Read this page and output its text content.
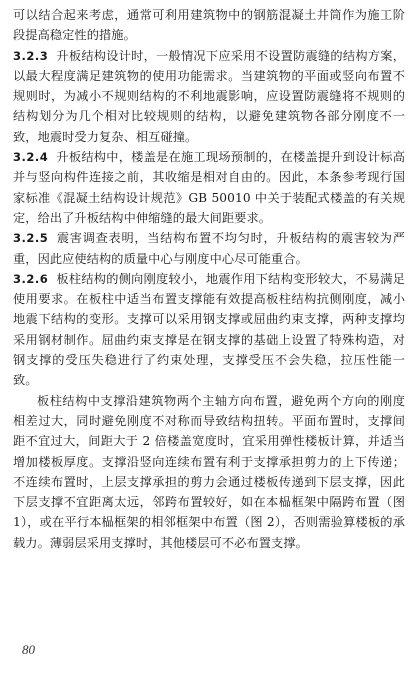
可以结合起来考虑，通常可利用建筑物中的钢筋混凝土井筒作为施工阶段提高稳定性的措施。

3.2.3 升板结构设计时，一般情况下应采用不设置防震缝的结构方案，以最大程度满足建筑物的使用功能需求。当建筑物的平面或竖向布置不规则时，为减小不规则结构的不利地震影响，应设置防震缝将不规则的结构划分为几个相对比较规则的结构，以避免建筑物各部分刚度不一致，地震时受力复杂、相互碰撞。

3.2.4 升板结构中，楼盖是在施工现场预制的，在楼盖提升到设计标高并与竖向构件连接之前，其收缩是相对自由的。因此，本条参考现行国家标准《混凝土结构设计规范》GB 50010 中关于装配式楼盖的有关规定，给出了升板结构中伸缩缝的最大间距要求。

3.2.5 震害调查表明，当结构布置不均匀时，升板结构的震害较为严重，因此应使结构的质量中心与刚度中心尽可能重合。

3.2.6 板柱结构的侧向刚度较小，地震作用下结构变形较大，不易满足使用要求。在板柱中适当布置支撑能有效提高板柱结构抗侧刚度，减小地震下结构的变形。支撑可以采用钢支撑或屈曲约束支撑，两种支撑均采用钢材制作。屈曲约束支撑是在钢支撑的基础上设置了特殊构造，对钢支撑的受压失稳进行了约束处理，支撑受压不会失稳，拉压性能一致。

板柱结构中支撑沿建筑物两个主轴方向布置，避免两个方向的刚度相差过大，同时避免刚度不对称而导致结构扭转。平面布置时，支撑间距不宜过大，间距大于 2 倍楼盖宽度时，宜采用弹性楼板计算，并适当增加楼板厚度。支撑沿竖向连续布置有利于支撑承担剪力的上下传递；不连续布置时，上层支撑承担的剪力会通过楼板传递到下层支撑，因此下层支撑不宜距离太远，邻跨布置较好，如在本榀框架中隔跨布置（图 1），或在平行本榀框架的相邻框架中布置（图 2），否则需验算楼板的承载力。薄弱层采用支撑时，其他楼层可不必布置支撑。

80
